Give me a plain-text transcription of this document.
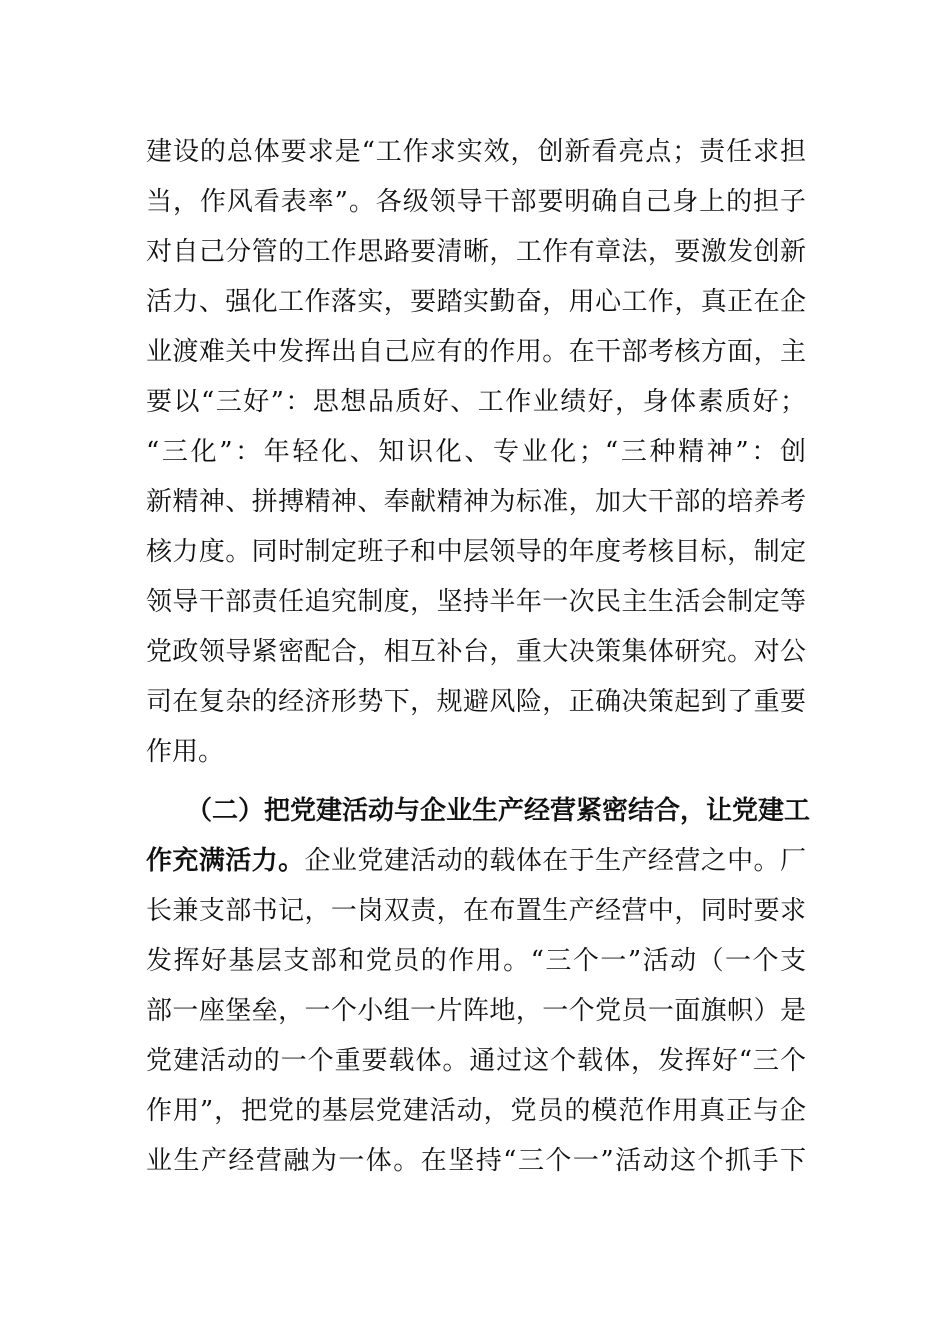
建设的总体要求是“工作求实效，创新看亮点；责任求担
当，作风看表率”。各级领导干部要明确自己身上的担子
对自己分管的工作思路要清晰，工作有章法，要激发创新
活力、强化工作落实，要踏实勤奋，用心工作，真正在企
业渡难关中发挥出自己应有的作用。在干部考核方面，主
要以“三好”：思想品质好、工作业绩好，身体素质好；
“三化”：年轻化、知识化、专业化；“三种精神”：创
新精神、拼搏精神、奉献精神为标准，加大干部的培养考
核力度。同时制定班子和中层领导的年度考核目标，制定
领导干部责任追究制度，坚持半年一次民主生活会制定等
党政领导紧密配合，相互补台，重大决策集体研究。对公
司在复杂的经济形势下，规避风险，正确决策起到了重要
作用。
（二）把党建活动与企业生产经营紧密结合，让党建工
作充满活力。企业党建活动的载体在于生产经营之中。厂
长兼支部书记，一岗双责，在布置生产经营中，同时要求
发挥好基层支部和党员的作用。“三个一”活动（一个支
部一座堡垒，一个小组一片阵地，一个党员一面旗帜）是
党建活动的一个重要载体。通过这个载体，发挥好“三个
作用”，把党的基层党建活动，党员的模范作用真正与企
业生产经营融为一体。在坚持“三个一”活动这个抓手下
